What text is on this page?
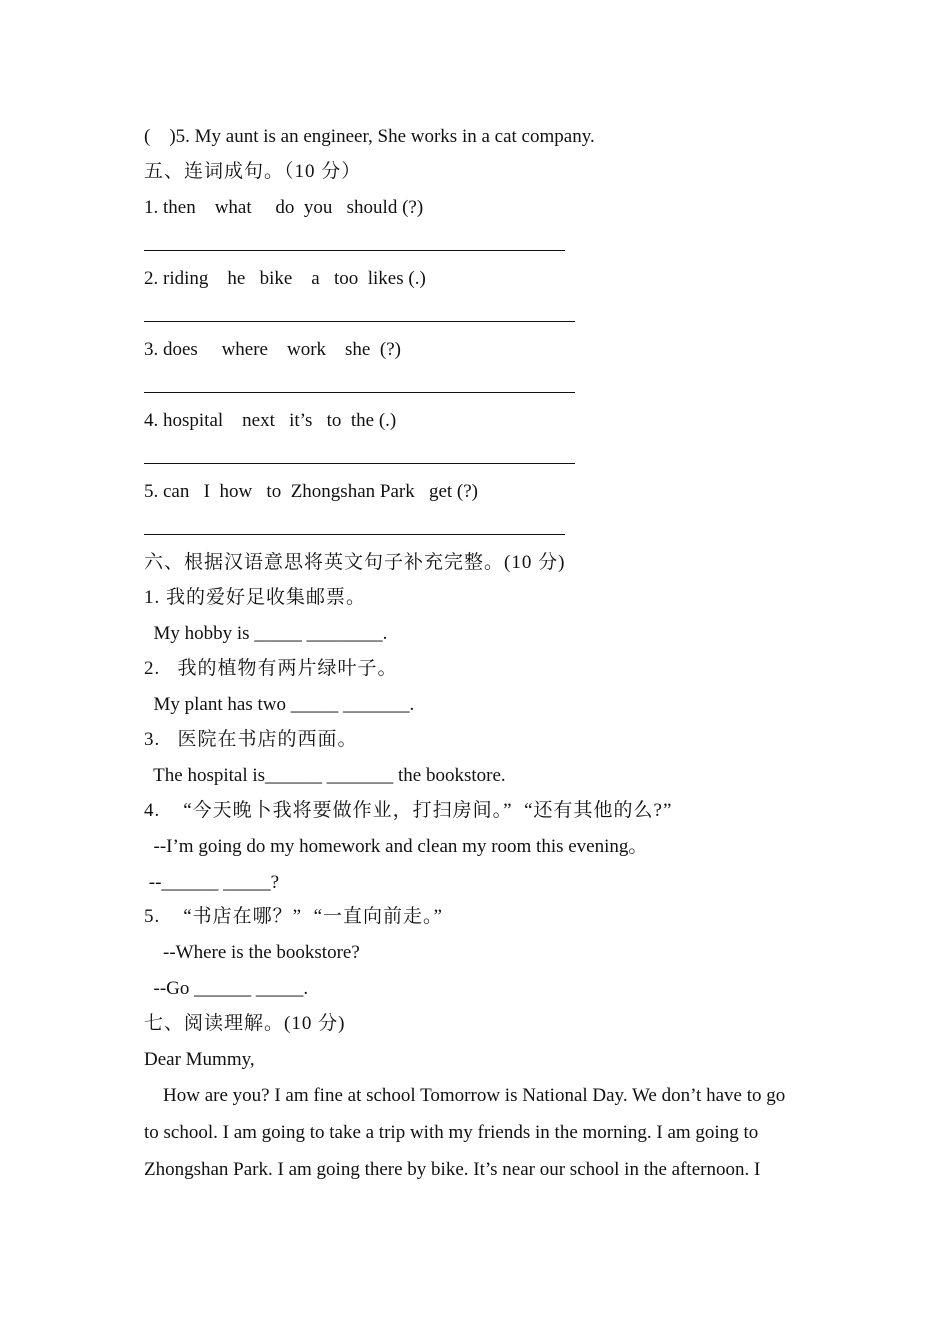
(    )5. My aunt is an engineer, She works in a cat company.
五、连词成句。（10 分）
1. then    what     do  you   should (?)
2. riding    he   bike    a   too  likes (.)
3. does     where    work    she  (?)
4. hospital    next   it’s   to  the (.)
5. can   I  how   to  Zhongshan Park   get (?)
六、根据汉语意思将英文句子补充完整。(10 分)
1. 我的爱好足收集邮票。
My hobby is _____ ________.
2.   我的植物有两片绿叶子。
My plant has two _____ _______.
3.   医院在书店的西面。
The hospital is______ _______ the bookstore.
4.    “今天晚卜我将要做作业，打扫房间。”  “还有其他的么?”
--I’m going do my homework and clean my room this evening。
--______ _____?
5.    “书店在哪？”  “一直向前走。”
--Where is the bookstore?
--Go ______ _____.
七、阅读理解。(10 分)
Dear Mummy,
How are you? I am fine at school Tomorrow is National Day. We don’t have to go
to school. I am going to take a trip with my friends in the morning. I am going to
Zhongshan Park. I am going there by bike. It’s near our school in the afternoon. I
